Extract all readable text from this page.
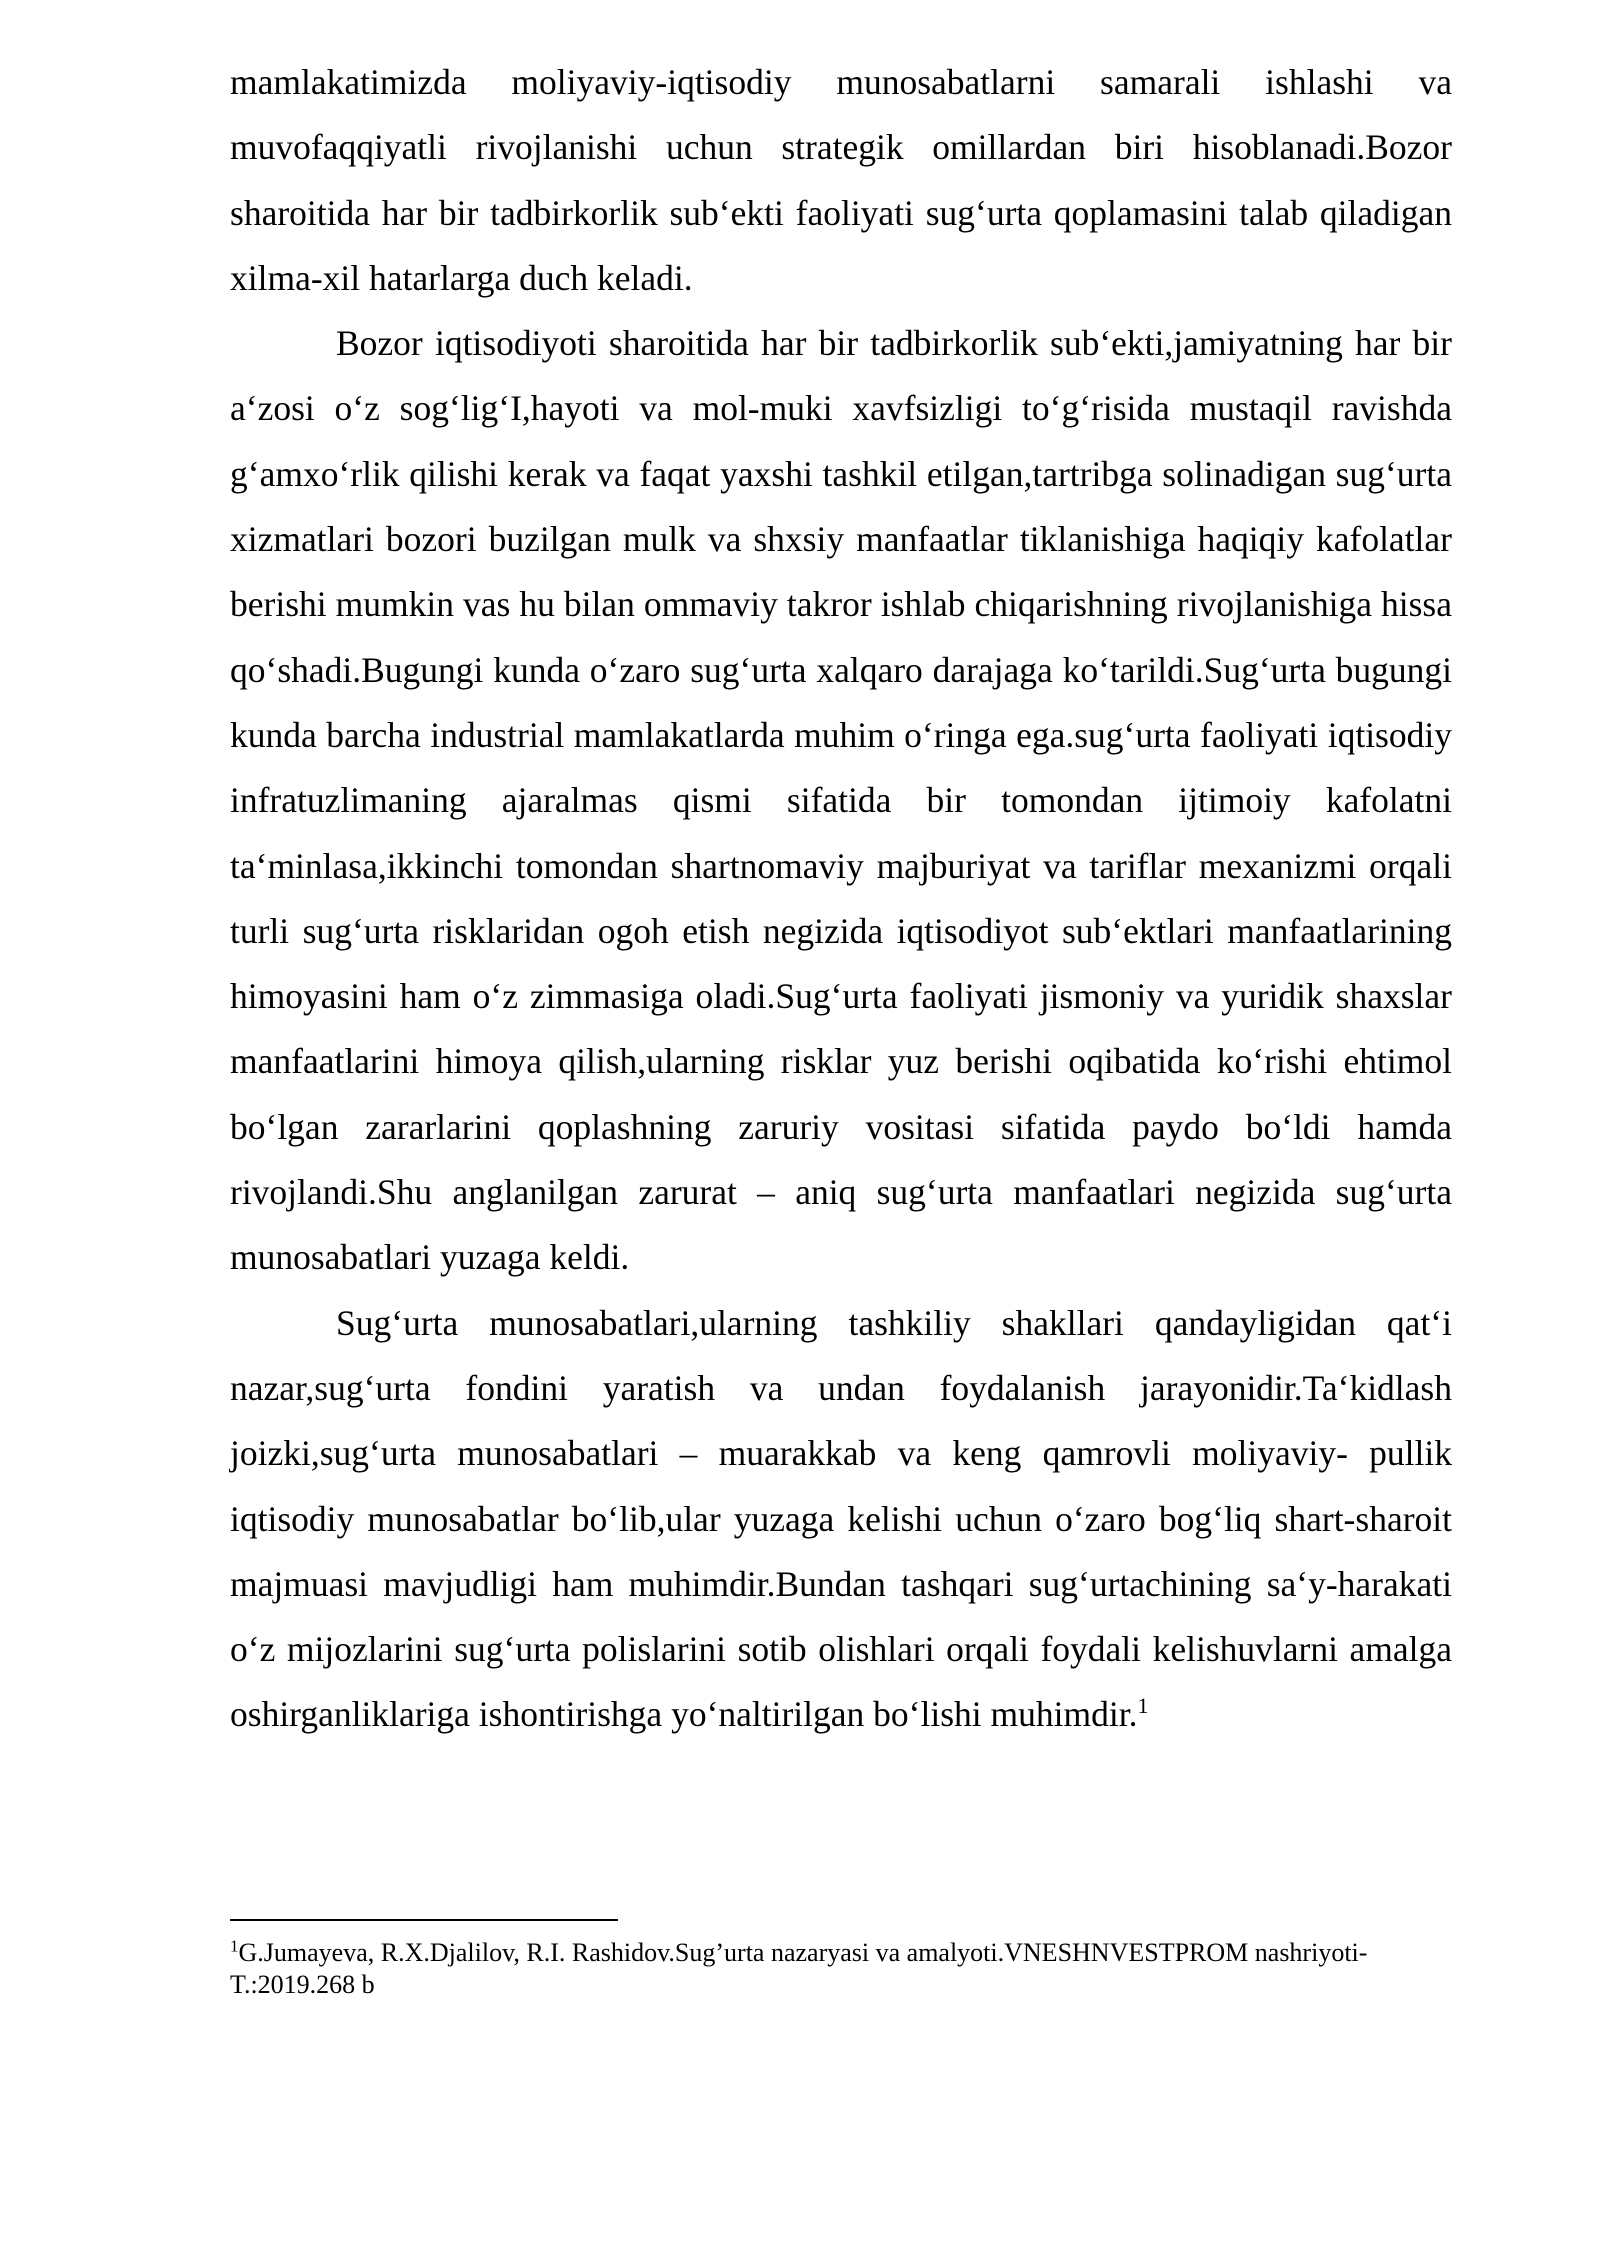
mamlakatimizda moliyaviy-iqtisodiy munosabatlarni samarali ishlashi va muvofaqqiyatli rivojlanishi uchun strategik omillardan biri hisoblanadi.Bozor sharoitida har bir tadbirkorlik sub‘ekti faoliyati sug‘urta qoplamasini talab qiladigan xilma-xil hatarlarga duch keladi.

Bozor iqtisodiyoti sharoitida har bir tadbirkorlik sub‘ekti,jamiyatning har bir a‘zosi o‘z sog‘lig‘I,hayoti va mol-muki xavfsizligi to‘g‘risida mustaqil ravishda g‘amxo‘rlik qilishi kerak va faqat yaxshi tashkil etilgan,tartribga solinadigan sug‘urta xizmatlari bozori buzilgan mulk va shxsiy manfaatlar tiklanishiga haqiqiy kafolatlar berishi mumkin vas hu bilan ommaviy takror ishlab chiqarishning rivojlanishiga hissa qo‘shadi.Bugungi kunda o‘zaro sug‘urta xalqaro darajaga ko‘tarildi.Sug‘urta bugungi kunda barcha industrial mamlakatlarda muhim o‘ringa ega.sug‘urta faoliyati iqtisodiy infratuzlimaning ajaralmas qismi sifatida bir tomondan ijtimoiy kafolatni ta‘minlasa,ikkinchi tomondan shartnomaviy majburiyat va tariflar mexanizmi orqali turli sug‘urta risklaridan ogoh etish negizida iqtisodiyot sub‘ektlari manfaatlarining himoyasini ham o‘z zimmasiga oladi.Sug‘urta faoliyati jismoniy va yuridik shaxslar manfaatlarini himoya qilish,ularning risklar yuz berishi oqibatida ko‘rishi ehtimol bo‘lgan zararlarini qoplashning zaruriy vositasi sifatida paydo bo‘ldi hamda rivojlandi.Shu anglanilgan zarurat – aniq sug‘urta manfaatlari negizida sug‘urta munosabatlari yuzaga keldi.

Sug‘urta munosabatlari,ularning tashkiliy shakllari qandayligidan qat‘i nazar,sug‘urta fondini yaratish va undan foydalanish jarayonidir.Ta‘kidlash joizki,sug‘urta munosabatlari – muarakkab va keng qamrovli moliyaviy- pullik iqtisodiy munosabatlar bo‘lib,ular yuzaga kelishi uchun o‘zaro bog‘liq shart-sharoit majmuasi mavjudligi ham muhimdir.Bundan tashqari sug‘urtachining sa‘y-harakati o‘z mijozlarini sug‘urta polislarini sotib olishlari orqali foydali kelishuvlarni amalga oshirganliklariga ishontirishga yo‘naltirilgan bo‘lishi muhimdir.$^1$

$^1$G.Jumayeva, R.X.Djalilov, R.I. Rashidov.Sug’urta nazaryasi va amalyoti.VNESHNVESTPROM nashriyoti-T.:2019.268 b
